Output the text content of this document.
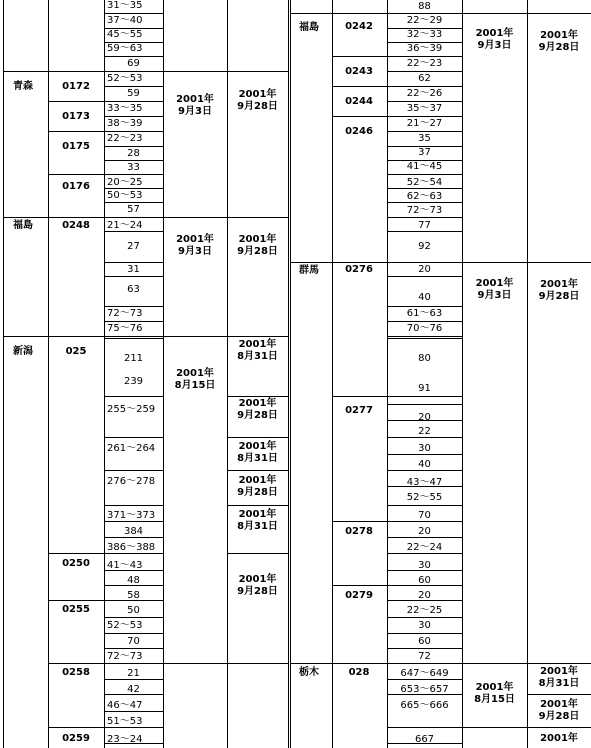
青森
福島
新潟
0172
0173
0175
0176
0248
025
0250
0255
0258
0259
31～35
37～40
45～55
59～63
69
52～53
59
33～35
38～39
22～23
28
33
20～25
50～53
57
21～24
27
31
63
72～73
75～76
211
239
255～259
261～264
276～278
371～373
384
386～388
41～43
48
58
50
52～53
70
72～73
21
42
46～47
51～53
23～24
2001年
9月3日
2001年
9月3日
2001年
8月15日
2001年
9月28日
2001年
9月28日
2001年
8月31日
2001年
9月28日
2001年
8月31日
2001年
9月28日
2001年
8月31日
2001年
9月28日
福島
群馬
栃木
0242
0243
0244
0246
0276
0277
0278
0279
028
88
22～29
32～33
36～39
22～23
62
22～26
35～37
21～27
35
37
41～45
52～54
62～63
72～73
77
92
20
40
61～63
70～76
80
91
20
22
30
40
43～47
52～55
70
20
22～24
30
60
20
22～25
30
60
72
647～649
653～657
665～666
667
2001年
9月3日
2001年
9月3日
2001年
8月15日
2001年
9月28日
2001年
9月28日
2001年
8月31日
2001年
9月28日
2001年
